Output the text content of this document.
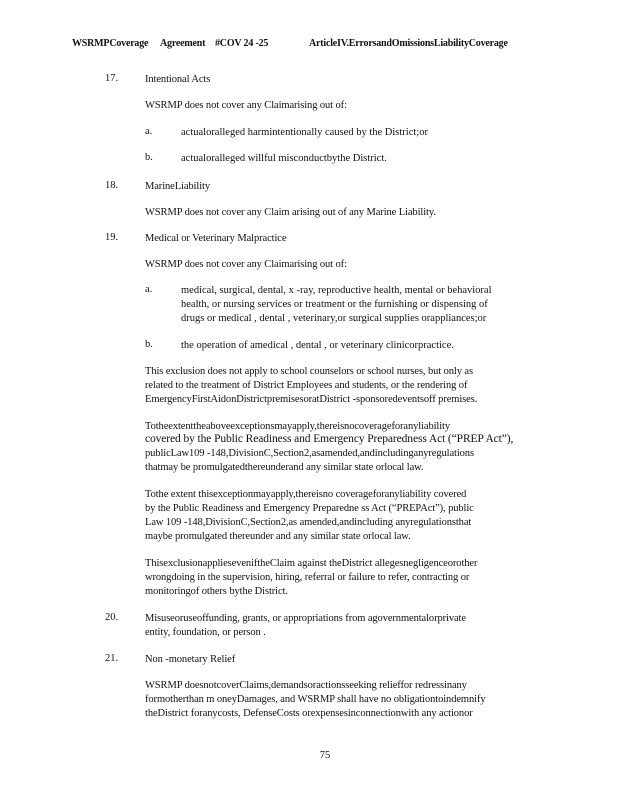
WSRMPCoverage Agreement #COV 24 -25	ArticleIV.ErrorsandOmissionsLiabilityCoverage
17.	Intentional Acts
WSRMP does not cover any Claimarising out of:
a.	actualoralleged harmintentionally caused by the District;or
b.	actualoralleged willful misconductbythe District.
18.	MarineLiability
WSRMP does not cover any Claim arising out of any Marine Liability.
19.	Medical or Veterinary Malpractice
WSRMP does not cover any Claimarising out of:
a.	medical, surgical, dental, x -ray, reproductive health, mental or behavioral
health, or nursing services or treatment or the furnishing or dispensing of
drugs or medical , dental , veterinary,or surgical supplies orappliances;or
b.	the operation of amedical , dental , or veterinary clinicorpractice.
This exclusion does not apply to school counselors or school nurses, but only as
related to the treatment of District Employees and students, or the rendering of
EmergencyFirstAidonDistrictpremisesoratDistrict -sponsoredeventsoff premises.
Totheextenttheaboveexceptionsmayapply,thereisnocoverageforanyliability
covered by the Public Readiness and Emergency Preparedness Act (“PREP Act”),
publicLaw109 -148,DivisionC,Section2,asamended,andincludinganyregulations
thatmay be promulgatedthereunderand any similar state orlocal law.
Tothe extent thisexceptionmayapply,thereisno coverageforanyliability covered
by the Public Readiness and Emergency Preparedne ss Act (“PREPAct”), public
Law 109 -148,DivisionC,Section2,as amended,andincluding anyregulationsthat
maybe promulgated thereunder and any similar state orlocal law.
ThisexclusionapplieseveniftheClaim against theDistrict allegesnegligenceorother
wrongdoing in the supervision, hiring, referral or failure to refer, contracting or
monitoringof others bythe District.
20.	Misuseoruseoffunding, grants, or appropriations from agovernmentalorprivate
entity, foundation, or person .
21.	Non -monetary Relief
WSRMP doesnotcoverClaims,demandsoractionsseeking relieffor redressinany
formotherthan m oneyDamages, and WSRMP shall have no obligationtoindemnify
theDistrict foranycosts, DefenseCosts orexpensesinconnectionwith any actionor
75
